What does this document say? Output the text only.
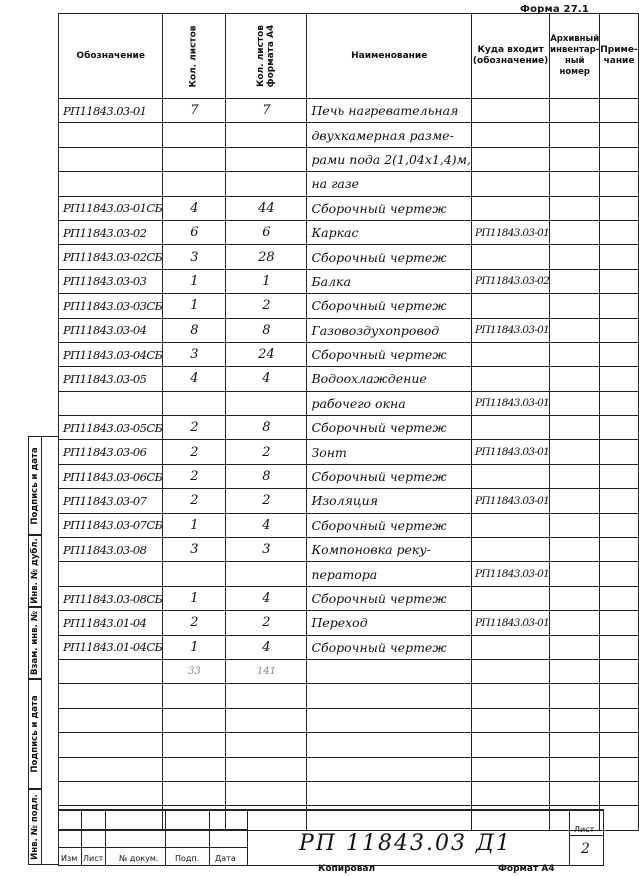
Форма 27.1
Обозначение	Кол. листов	Кол. листов формата А4	Наименование	Куда входит (обозначение)	Архивный инвентар-ный номер	Приме-чание
РП11843.03-01	7	7	Печь нагревательная			
			двухкамерная разме-			
			рами пода 2(1,04х1,4)м,			
			на газе			
РП11843.03-01СБ	4	44	Сборочный чертеж			
РП11843.03-02	6	6	Каркас	РП11843.03-01		
РП11843.03-02СБ	3	28	Сборочный чертеж			
РП11843.03-03	1	1	Балка	РП11843.03-02		
РП11843.03-03СБ	1	2	Сборочный чертеж			
РП11843.03-04	8	8	Газовоздухопровод	РП11843.03-01		
РП11843.03-04СБ	3	24	Сборочный чертеж			
РП11843.03-05	4	4	Водоохлаждение			
			рабочего окна	РП11843.03-01		
РП11843.03-05СБ	2	8	Сборочный чертеж			
РП11843.03-06	2	2	Зонт	РП11843.03-01		
РП11843.03-06СБ	2	8	Сборочный чертеж			
РП11843.03-07	2	2	Изоляция	РП11843.03-01		
РП11843.03-07СБ	1	4	Сборочный чертеж			
РП11843.03-08	3	3	Компоновка реку-			
			ператора	РП11843.03-01		
РП11843.03-08СБ	1	4	Сборочный чертеж			
РП11843.01-04	2	2	Переход	РП11843.03-01		
РП11843.01-04СБ	1	4	Сборочный чертеж			
	33	141				

Подпись и дата
Инв. № дубл.
Взам. инв. №
Подпись и дата
Инв. № подл.	Изм Лист № докум. Подп. Дата
РП 11843.03 Д1
Лист
2
Копировал	Формат А4
